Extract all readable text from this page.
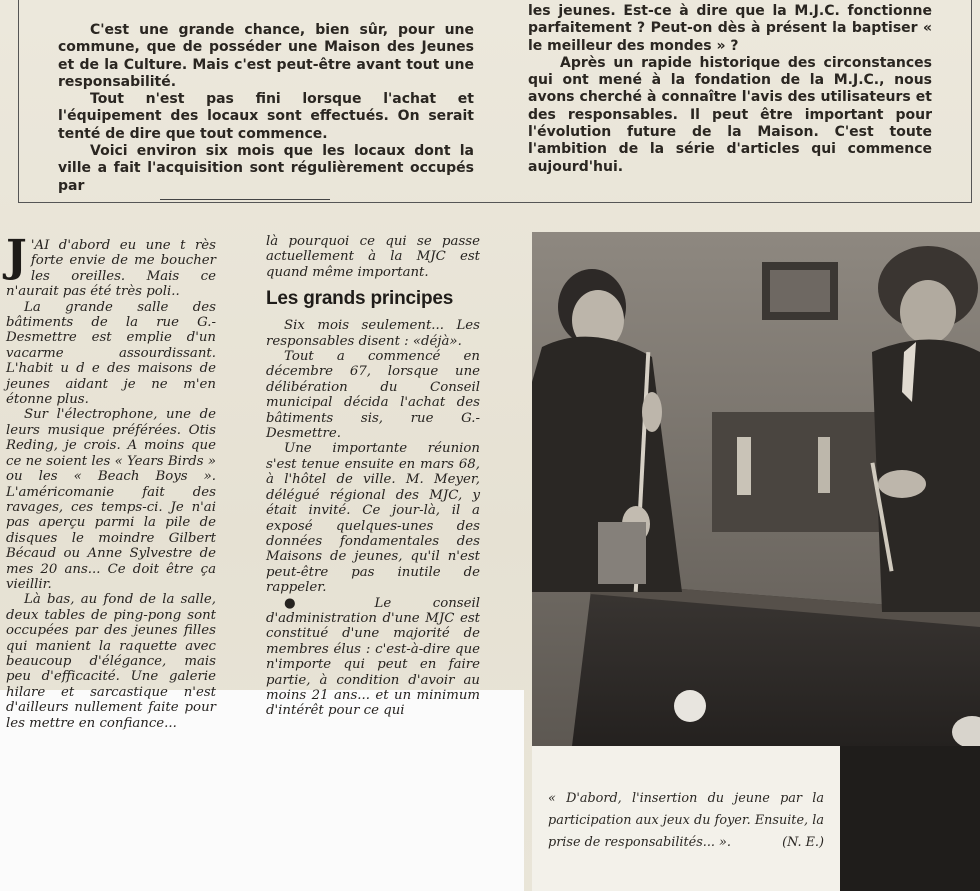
C'est une grande chance, bien sûr, pour une commune, que de posséder une Maison des Jeunes et de la Culture. Mais c'est peut-être avant tout une responsabilité.

Tout n'est pas fini lorsque l'achat et l'équipement des locaux sont effectués. On serait tenté de dire que tout commence.

Voici environ six mois que les locaux dont la ville a fait l'acquisition sont régulièrement occupés par

les jeunes. Est-ce à dire que la M.J.C. fonctionne parfaitement ? Peut-on dès à présent la baptiser « le meilleur des mondes » ?

Après un rapide historique des circonstances qui ont mené à la fondation de la M.J.C., nous avons cherché à connaître l'avis des utilisateurs et des responsables. Il peut être important pour l'évolution future de la Maison. C'est toute l'ambition de la série d'articles qui commence aujourd'hui.

J 'AI d'abord eu une t rès forte envie de me boucher les oreilles. Mais ce n'aurait pas été très poli..

La grande salle des bâtiments de la rue G.-Desmettre est emplie d'un vacarme assourdissant. L'habit u d e des maisons de jeunes aidant je ne m'en étonne plus.

Sur l'électrophone, une de leurs musique préférées. Otis Reding, je crois. A moins que ce ne soient les « Years Birds » ou les « Beach Boys ». L'américomanie fait des ravages, ces temps-ci. Je n'ai pas aperçu parmi la pile de disques le moindre Gilbert Bécaud ou Anne Sylvestre de mes 20 ans... Ce doit être ça vieillir.

Là bas, au fond de la salle, deux tables de ping-pong sont occupées par des jeunes filles qui manient la raquette avec beaucoup d'élégance, mais peu d'efficacité. Une galerie hilare et sarcastique n'est d'ailleurs nullement faite pour les mettre en confiance...

là pourquoi ce qui se passe actuellement à la MJC est quand même important.

Les grands principes

Six mois seulement... Les responsables disent : «déjà».

Tout a commencé en décembre 67, lorsque une délibération du Conseil municipal décida l'achat des bâtiments sis, rue G.-Desmettre.

Une importante réunion s'est tenue ensuite en mars 68, à l'hôtel de ville. M. Meyer, délégué régional des MJC, y était invité. Ce jour-là, il a exposé quelques-unes des données fondamentales des Maisons de jeunes, qu'il n'est peut-être pas inutile de rappeler.

●	Le conseil d'administration d'une MJC est constitué d'une majorité de membres élus : c'est-à-dire que n'importe qui peut en faire partie, à condition d'avoir au moins 21 ans... et un minimum d'intérêt pour ce qui

« D'abord, l'insertion du jeune par la participation aux jeux du foyer. Ensuite, la prise de responsabilités... ».	(N. E.)
